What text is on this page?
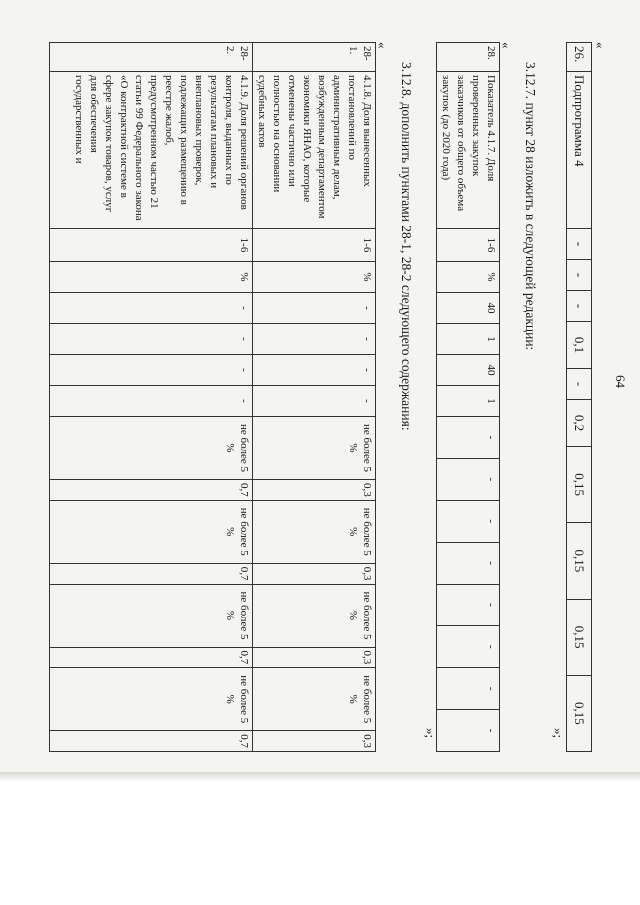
64
«
26.	Подпрограмма 4	-	-	-	0,1	-	0,2	0,15	0,15	0,15	0,15
»;
3.12.7. пункт 28 изложить в следующей редакции:
«
28.	Показатель 4.1.7. Доля проверенных закупок заказчиков от общего объема закупок (до 2020 года)	1-6	%	40	1	40	1	-	-	-	-	-	-	-	-
»;
3.12.8. дополнить пунктами 28-1, 28-2 следующего содержания:
«
28-1.	4.1.8. Доля вынесенных постановлений по административным делам, возбужденным департаментом экономики ЯНАО, которые отменены частично или полностью на основании судебных актов	1-6	%	-	-	-	-	не более 5 %	0,3	не более 5 %	0,3	не более 5 %	0,3	не более 5 %	0,3
28-2.	4.1.9. Доля решений органов контроля, выданных по результатам плановых и внеплановых проверок, подлежащих размещению в реестре жалоб, предусмотренном частью 21 статьи 99 Федерального закона «О контрактной системе в сфере закупок товаров, услуг для обеспечения государственных и	1-6	%	-	-	-	-	не более 5 %	0,7	не более 5 %	0,7	не более 5 %	0,7	не более 5 %	0,7
